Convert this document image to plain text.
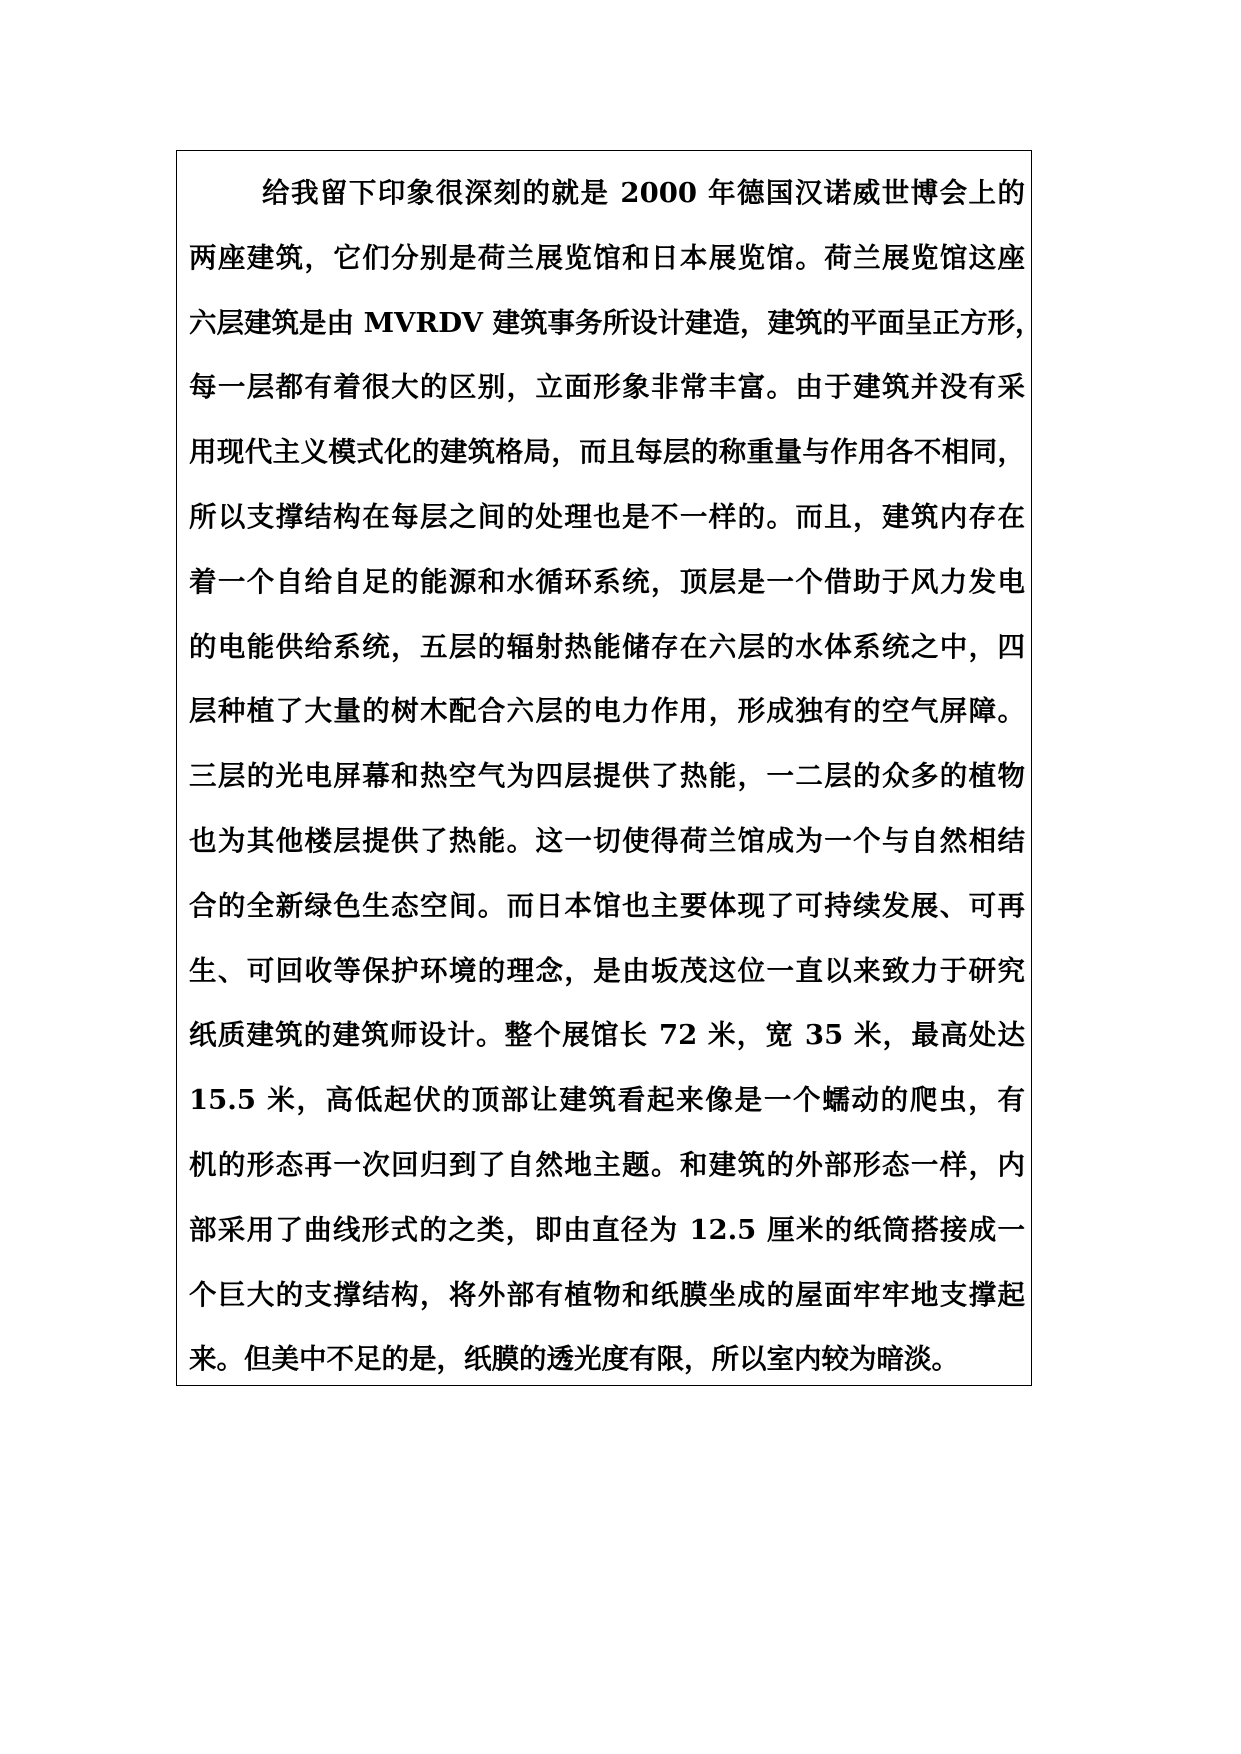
给我留下印象很深刻的就是 2000 年德国汉诺威世博会上的
两座建筑，它们分别是荷兰展览馆和日本展览馆。荷兰展览馆这座
六层建筑是由 MVRDV 建筑事务所设计建造，建筑的平面呈正方形，
每一层都有着很大的区别，立面形象非常丰富。由于建筑并没有采
用现代主义模式化的建筑格局，而且每层的称重量与作用各不相同，
所以支撑结构在每层之间的处理也是不一样的。而且，建筑内存在
着一个自给自足的能源和水循环系统，顶层是一个借助于风力发电
的电能供给系统，五层的辐射热能储存在六层的水体系统之中，四
层种植了大量的树木配合六层的电力作用，形成独有的空气屏障。
三层的光电屏幕和热空气为四层提供了热能，一二层的众多的植物
也为其他楼层提供了热能。这一切使得荷兰馆成为一个与自然相结
合的全新绿色生态空间。而日本馆也主要体现了可持续发展、可再
生、可回收等保护环境的理念，是由坂茂这位一直以来致力于研究
纸质建筑的建筑师设计。整个展馆长 72 米，宽 35 米，最高处达
15.5 米，高低起伏的顶部让建筑看起来像是一个蠕动的爬虫，有
机的形态再一次回归到了自然地主题。和建筑的外部形态一样，内
部采用了曲线形式的之类，即由直径为 12.5 厘米的纸筒搭接成一
个巨大的支撑结构，将外部有植物和纸膜坐成的屋面牢牢地支撑起
来。但美中不足的是，纸膜的透光度有限，所以室内较为暗淡。
